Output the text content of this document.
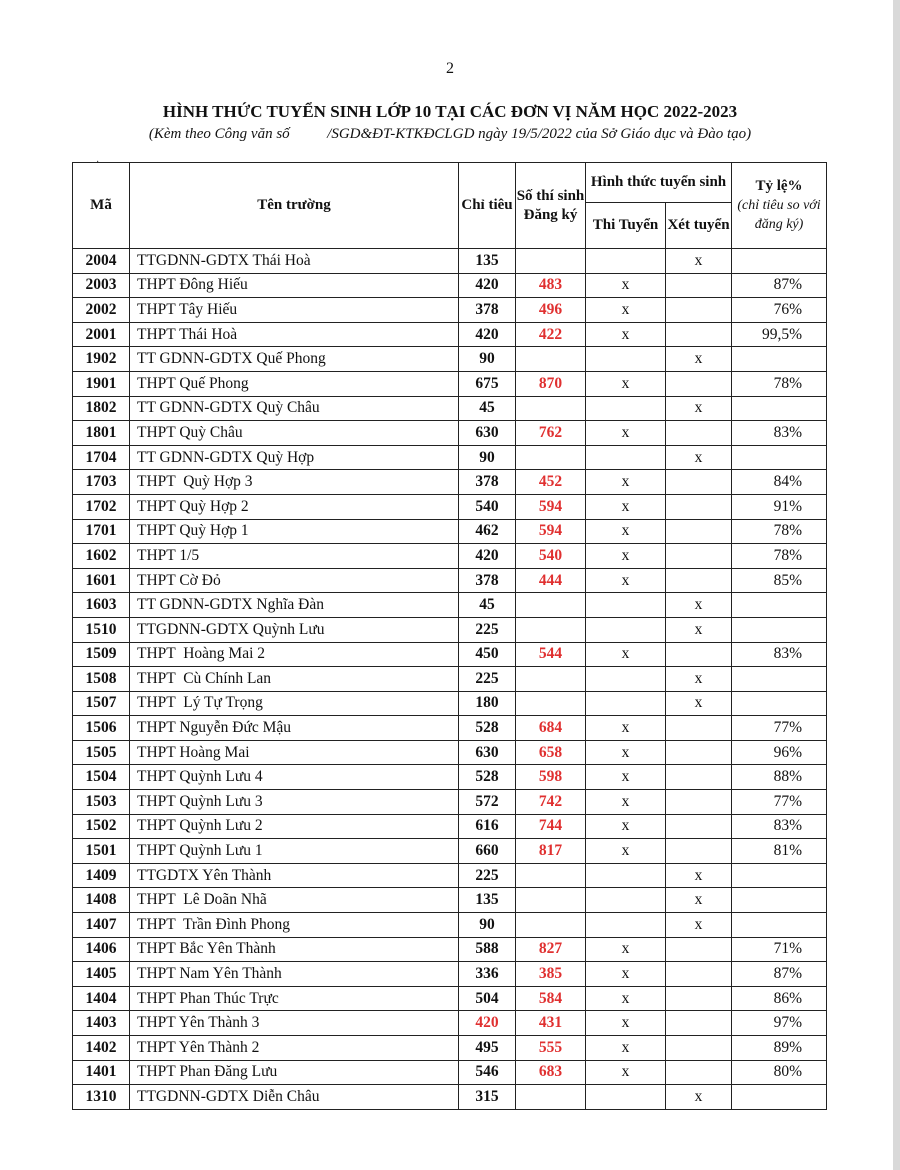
2
HÌNH THỨC TUYỂN SINH LỚP 10 TẠI CÁC ĐƠN VỊ NĂM HỌC 2022-2023
(Kèm theo Công văn số          /SGD&ĐT-KTKĐCLGD ngày 19/5/2022 của Sở Giáo dục và Đào tạo)
·
Mã	Tên trường	Chỉ tiêu	Số thí sinh Đăng ký	Hình thức tuyển sinh		Tỷ lệ%
(chỉ tiêu so với đăng ký)
				Thi Tuyển	Xét tuyển	
2004	TTGDNN-GDTX Thái Hoà	135			x	
2003	THPT Đông Hiếu	420	483	x		87%
2002	THPT Tây Hiếu	378	496	x		76%
2001	THPT Thái Hoà	420	422	x		99,5%
1902	TT GDNN-GDTX Quế Phong	90			x	
1901	THPT Quế Phong	675	870	x		78%
1802	TT GDNN-GDTX Quỳ Châu	45			x	
1801	THPT Quỳ Châu	630	762	x		83%
1704	TT GDNN-GDTX Quỳ Hợp	90			x	
1703	THPT  Quỳ Hợp 3	378	452	x		84%
1702	THPT Quỳ Hợp 2	540	594	x		91%
1701	THPT Quỳ Hợp 1	462	594	x		78%
1602	THPT 1/5	420	540	x		78%
1601	THPT Cờ Đỏ	378	444	x		85%
1603	TT GDNN-GDTX Nghĩa Đàn	45			x	
1510	TTGDNN-GDTX Quỳnh Lưu	225			x	
1509	THPT  Hoàng Mai 2	450	544	x		83%
1508	THPT  Cù Chính Lan	225			x	
1507	THPT  Lý Tự Trọng	180			x	
1506	THPT Nguyễn Đức Mậu	528	684	x		77%
1505	THPT Hoàng Mai	630	658	x		96%
1504	THPT Quỳnh Lưu 4	528	598	x		88%
1503	THPT Quỳnh Lưu 3	572	742	x		77%
1502	THPT Quỳnh Lưu 2	616	744	x		83%
1501	THPT Quỳnh Lưu 1	660	817	x		81%
1409	TTGDTX Yên Thành	225			x	
1408	THPT  Lê Doãn Nhã	135			x	
1407	THPT  Trần Đình Phong	90			x	
1406	THPT Bắc Yên Thành	588	827	x		71%
1405	THPT Nam Yên Thành	336	385	x		87%
1404	THPT Phan Thúc Trực	504	584	x		86%
1403	THPT Yên Thành 3	420	431	x		97%
1402	THPT Yên Thành 2	495	555	x		89%
1401	THPT Phan Đăng Lưu	546	683	x		80%
1310	TTGDNN-GDTX Diễn Châu	315			x	
